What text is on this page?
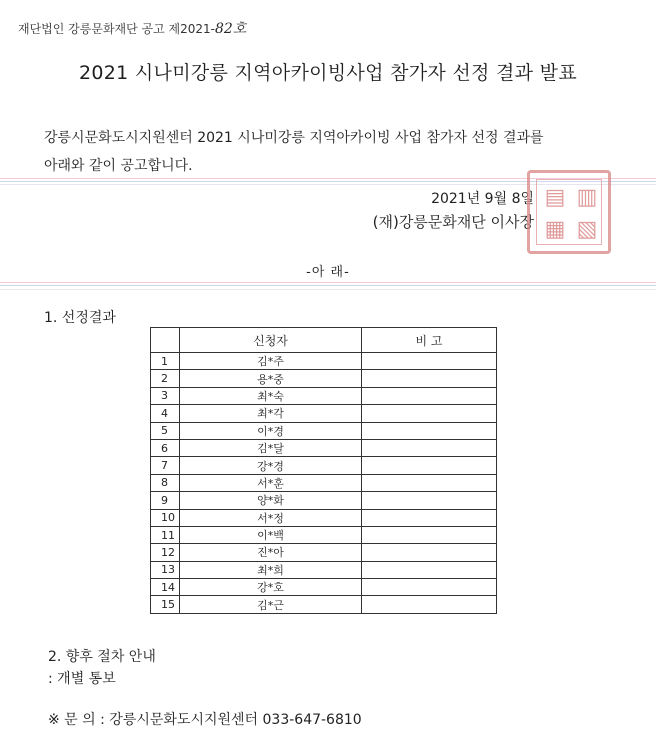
재단법인 강릉문화재단 공고 제2021-82호
2021 시나미강릉 지역아카이빙사업 참가자 선정 결과 발표
강릉시문화도시지원센터 2021 시나미강릉 지역아카이빙 사업 참가자 선정 결과를
아래와 같이 공고합니다.
2021년 9월 8일
(재)강릉문화재단 이사장
▤ ▥
▦ ▧
-아 래-
1. 선정결과
	신청자	비 고
1	김*주	
2	용*중	
3	최*숙	
4	최*각	
5	이*경	
6	김*달	
7	강*경	
8	서*훈	
9	양*화	
10	서*정	
11	이*백	
12	진*아	
13	최*희	
14	강*호	
15	김*근	
2. 향후 절차 안내
: 개별 통보
※ 문 의 : 강릉시문화도시지원센터 033-647-6810
